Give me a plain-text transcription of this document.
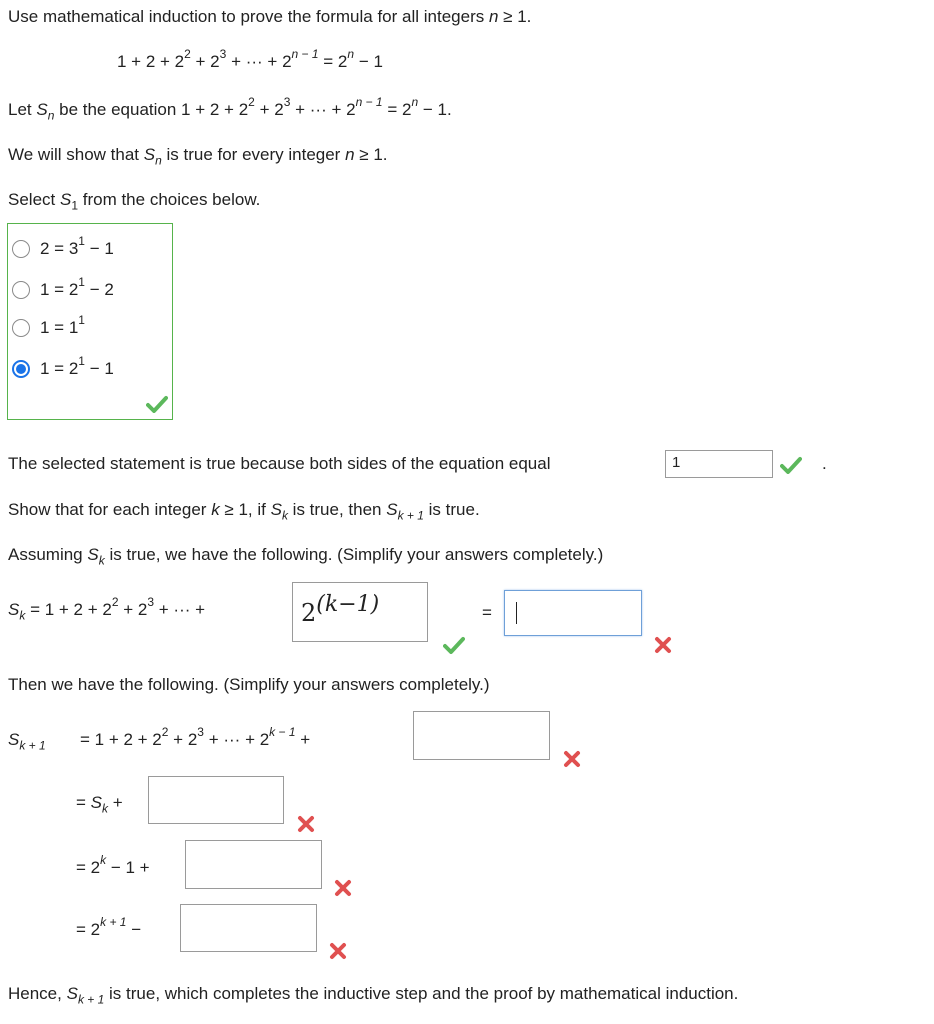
Use mathematical induction to prove the formula for all integers n ≥ 1.
$1 + 2 + 2^2 + 2^3$ + ··· + $2^{n - 1} = 2^n - 1$
Let $S_n$ be the equation $1 + 2 + 2^2 + 2^3$ + ··· + $2^{n - 1} = 2^n - 1$.
We will show that $S_n$ is true for every integer n ≥ 1.
Select $S_1$ from the choices below.
$2 = 3^1 - 1$
$1 = 2^1 - 2$
$1 = 1^1$
$1 = 2^1 - 1$
The selected statement is true because both sides of the equation equal	1	.
Show that for each integer k ≥ 1, if $S_k$ is true, then $S_{k + 1}$ is true.
Assuming $S_k$ is true, we have the following. (Simplify your answers completely.)
$S_k = 1 + 2 + 2^2 + 2^3$ + ··· +	2(k−1)	=
Then we have the following. (Simplify your answers completely.)
$S_{k + 1} = 1 + 2 + 2^2 + 2^3$ + ··· + $2^{k - 1}$ +
= $S_k$ +
= $2^k - 1$ +
= $2^{k + 1}$ −
Hence, $S_{k + 1}$ is true, which completes the inductive step and the proof by mathematical induction.
